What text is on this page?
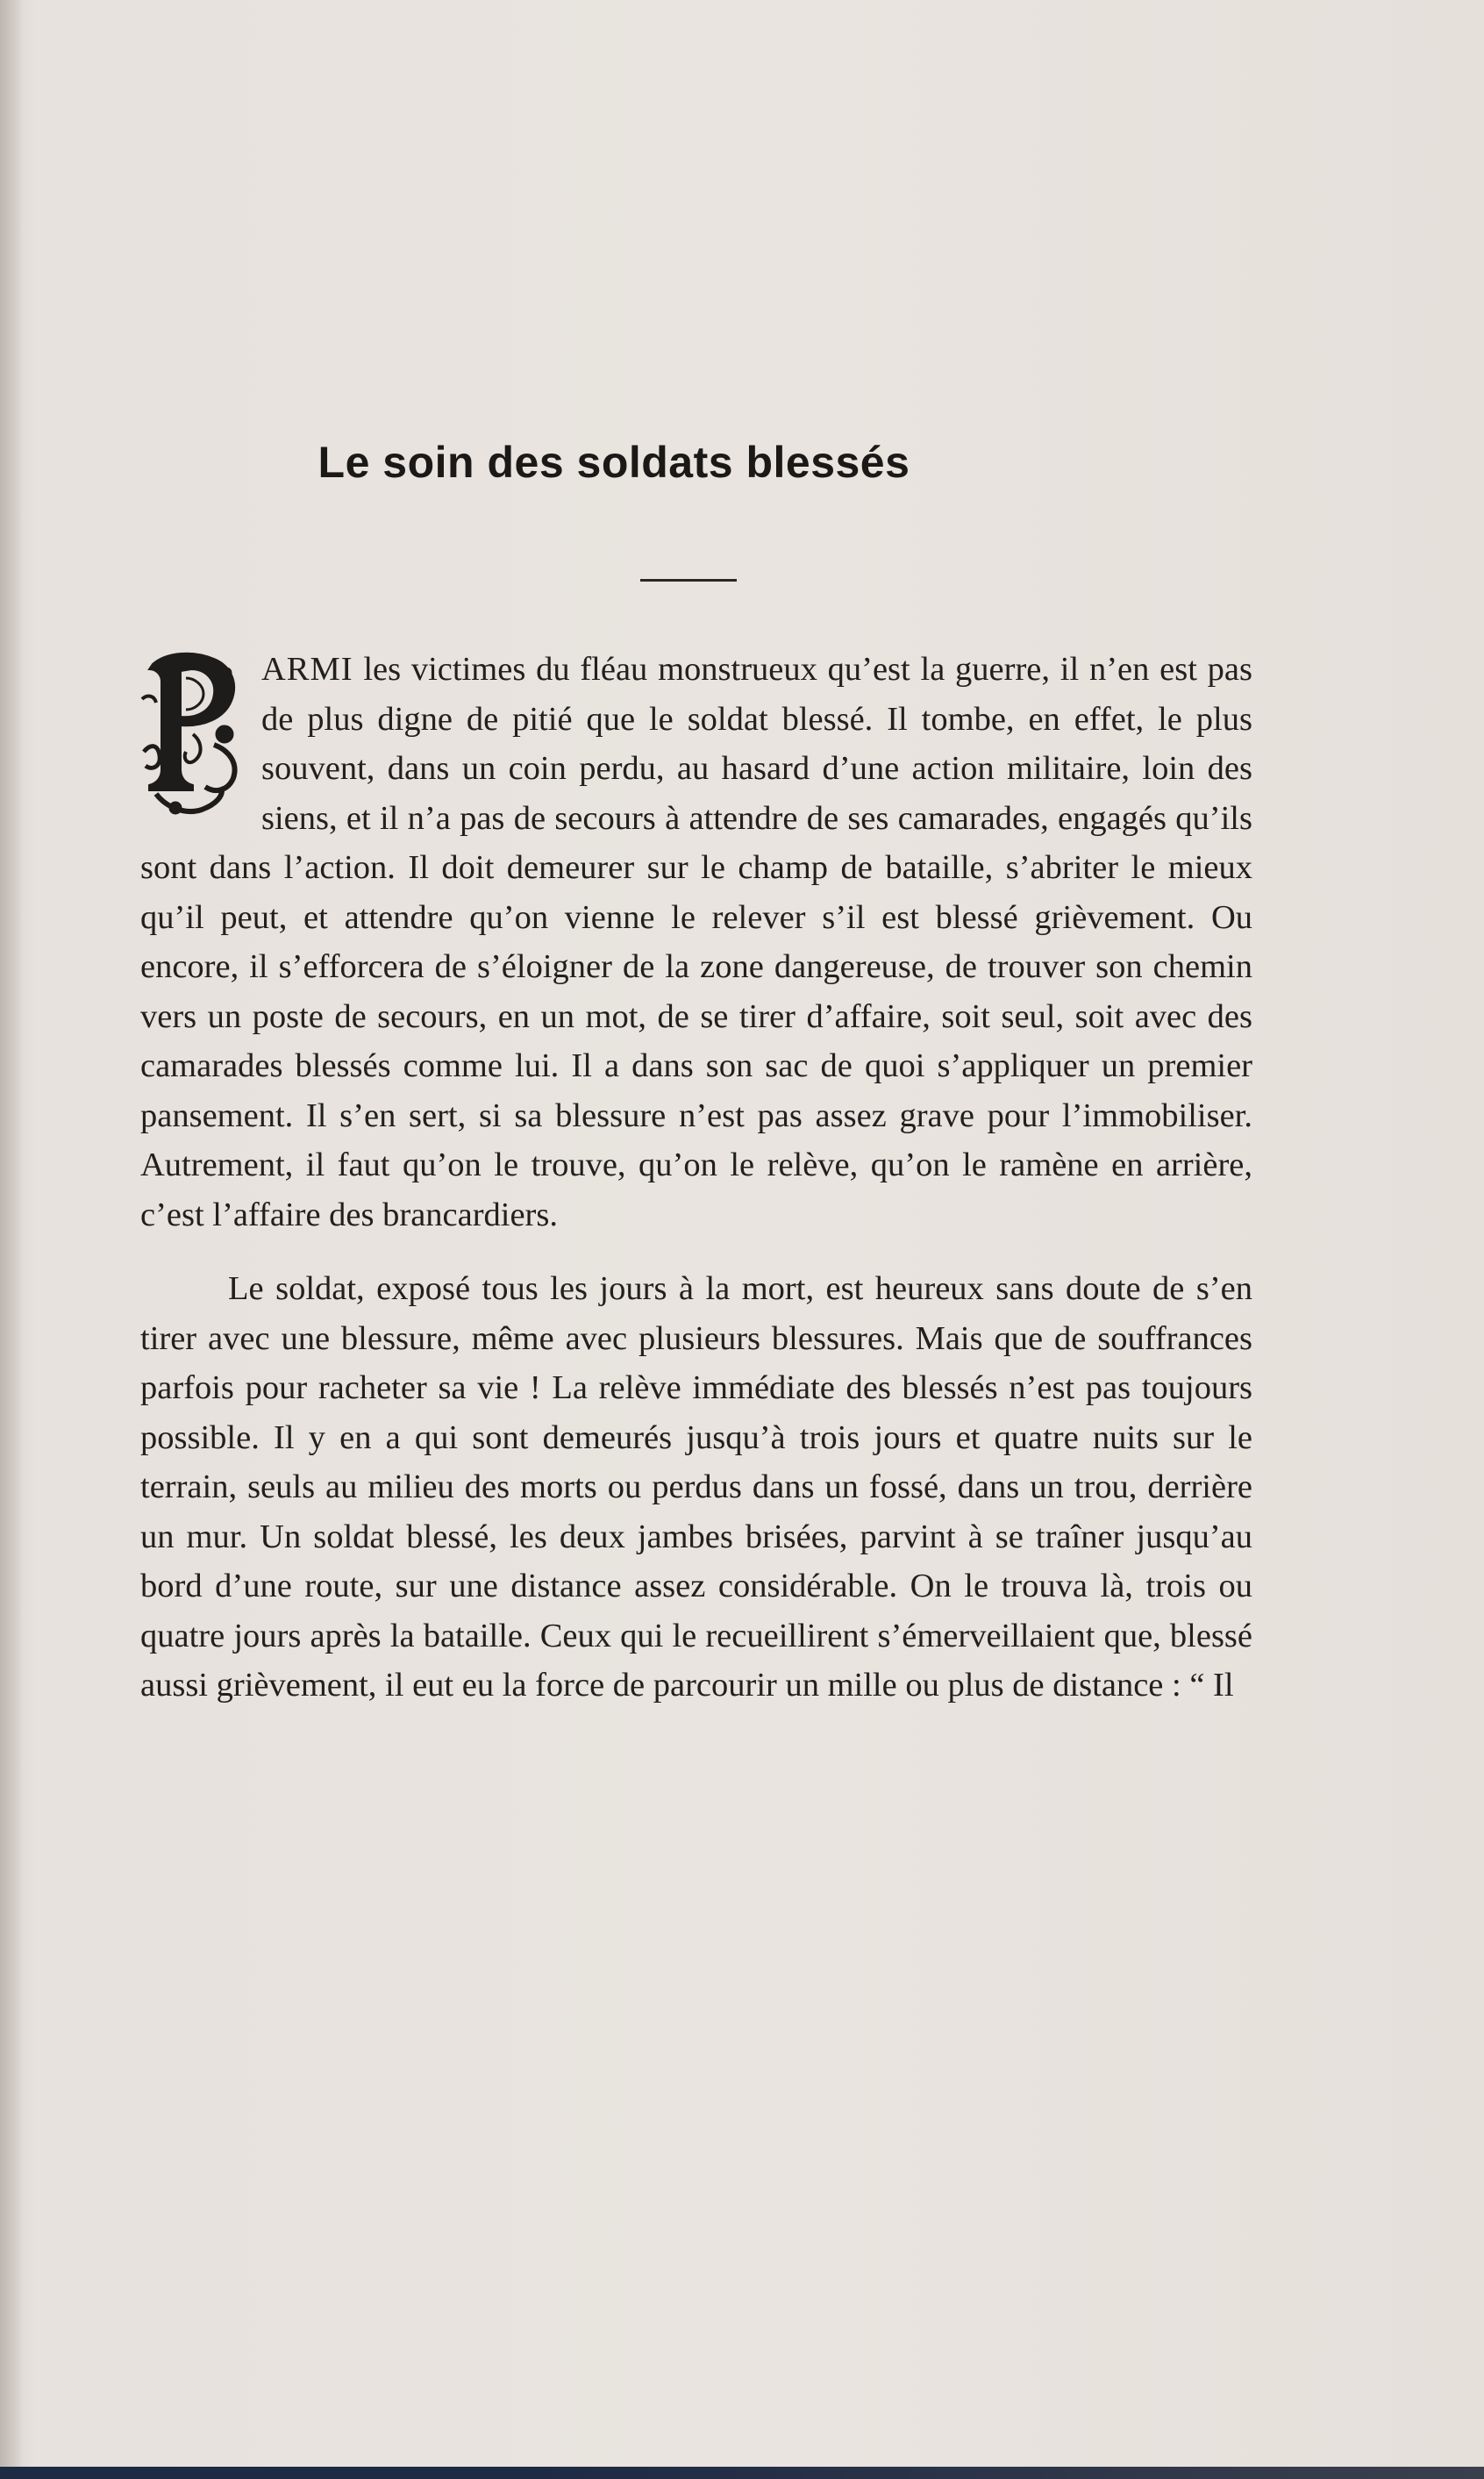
Le soin des soldats blessés

ARMI les victimes du fléau monstrueux qu’est la guerre, il n’en est pas de plus digne de pitié que le soldat blessé. Il tombe, en effet, le plus souvent, dans un coin perdu, au hasard d’une action militaire, loin des siens, et il n’a pas de secours à attendre de ses camarades, engagés qu’ils sont dans l’action. Il doit demeurer sur le champ de bataille, s’abriter le mieux qu’il peut, et attendre qu’on vienne le relever s’il est blessé grièvement. Ou encore, il s’efforcera de s’éloigner de la zone dangereuse, de trouver son chemin vers un poste de secours, en un mot, de se tirer d’affaire, soit seul, soit avec des camarades blessés comme lui. Il a dans son sac de quoi s’appliquer un premier pansement. Il s’en sert, si sa blessure n’est pas assez grave pour l’immobiliser. Autrement, il faut qu’on le trouve, qu’on le relève, qu’on le ramène en arrière, c’est l’affaire des brancardiers.

Le soldat, exposé tous les jours à la mort, est heureux sans doute de s’en tirer avec une blessure, même avec plusieurs blessures. Mais que de souffrances parfois pour racheter sa vie ! La relève immédiate des blessés n’est pas toujours possible. Il y en a qui sont demeurés jusqu’à trois jours et quatre nuits sur le terrain, seuls au milieu des morts ou perdus dans un fossé, dans un trou, derrière un mur. Un soldat blessé, les deux jambes brisées, parvint à se traîner jusqu’au bord d’une route, sur une distance assez considérable. On le trouva là, trois ou quatre jours après la bataille. Ceux qui le recueillirent s’émerveillaient que, blessé aussi grièvement, il eut eu la force de parcourir un mille ou plus de distance : “ Il
